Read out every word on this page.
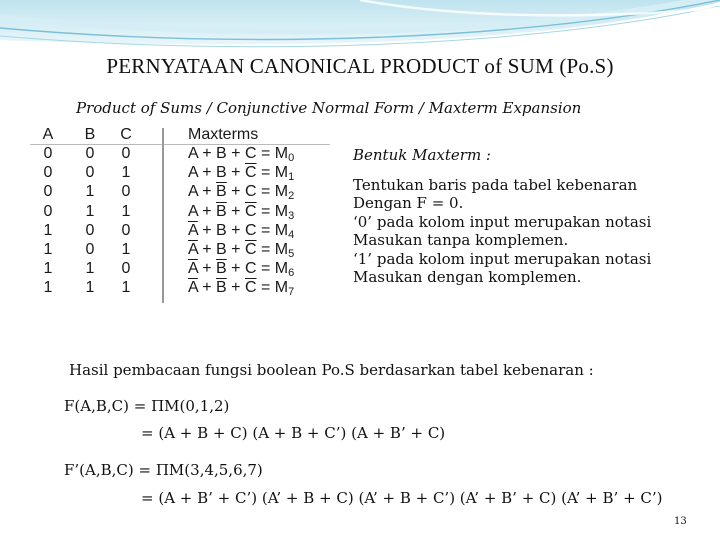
PERNYATAAN CANONICAL PRODUCT of SUM (Po.S)
Product of Sums / Conjunctive Normal Form / Maxterm Expansion
A B C	Maxterms
0	0	0	$A + B + C = M_0$
0	0	1	$A + B + \overline{C} = M_1$
0	1	0	$A + \overline{B} + C = M_2$
0	1	1	$A + \overline{B} + \overline{C} = M_3$
1	0	0	$\overline{A} + B + C = M_4$
1	0	1	$\overline{A} + B + \overline{C} = M_5$
1	1	0	$\overline{A} + \overline{B} + C = M_6$
1	1	1	$\overline{A} + \overline{B} + \overline{C} = M_7$
Bentuk Maxterm :
Tentukan baris pada tabel kebenaran
Dengan F = 0.
‘0’ pada kolom input merupakan notasi
Masukan tanpa komplemen.
‘1’ pada kolom input merupakan notasi
Masukan dengan komplemen.
Hasil pembacaan fungsi boolean Po.S berdasarkan tabel kebenaran :
F(A,B,C) = ΠM(0,1,2)
= (A + B + C) (A + B + C’) (A + B’ + C)
F’(A,B,C) = ΠM(3,4,5,6,7)
= (A + B’ + C’) (A’ + B + C) (A’ + B + C’) (A’ + B’ + C) (A’ + B’ + C’)
13
